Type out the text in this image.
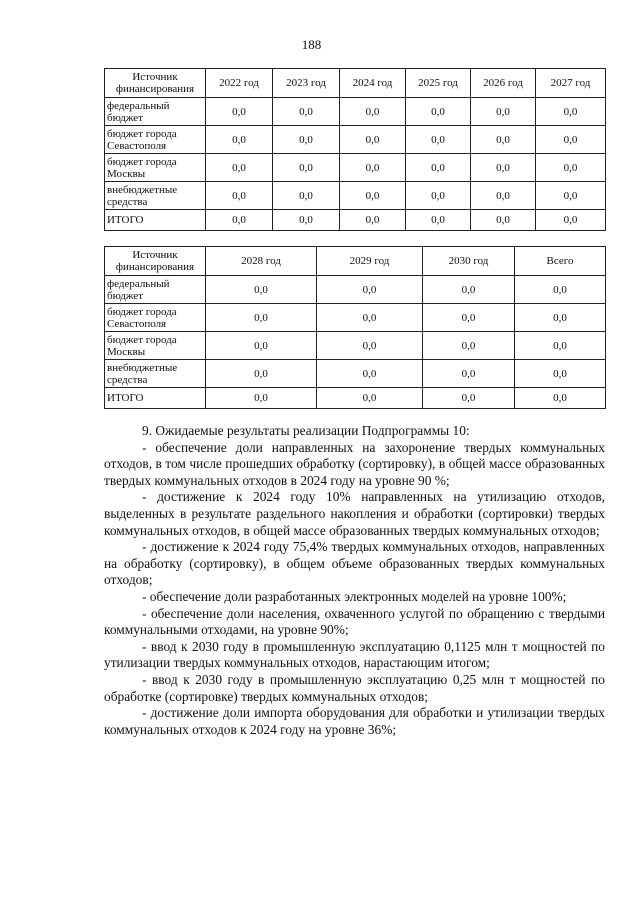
188
Источник
финансирования	2022 год	2023 год	2024 год	2025 год	2026 год	2027 год
федеральный
бюджет	0,0	0,0	0,0	0,0	0,0	0,0
бюджет города
Севастополя	0,0	0,0	0,0	0,0	0,0	0,0
бюджет города
Москвы	0,0	0,0	0,0	0,0	0,0	0,0
внебюджетные
средства	0,0	0,0	0,0	0,0	0,0	0,0
ИТОГО	0,0	0,0	0,0	0,0	0,0	0,0
Источник
финансирования	2028 год	2029 год	2030 год	Всего
федеральный
бюджет	0,0	0,0	0,0	0,0
бюджет города
Севастополя	0,0	0,0	0,0	0,0
бюджет города
Москвы	0,0	0,0	0,0	0,0
внебюджетные
средства	0,0	0,0	0,0	0,0
ИТОГО	0,0	0,0	0,0	0,0

9. Ожидаемые результаты реализации Подпрограммы 10:

- обеспечение доли направленных на захоронение твердых коммунальных отходов, в том числе прошедших обработку (сортировку), в общей массе образованных твердых коммунальных отходов в 2024 году на уровне 90 %;

- достижение к 2024 году 10% направленных на утилизацию отходов, выделенных в результате раздельного накопления и обработки (сортировки) твердых коммунальных отходов, в общей массе образованных твердых коммунальных отходов;

- достижение к 2024 году 75,4% твердых коммунальных отходов, направленных на обработку (сортировку), в общем объеме образованных твердых коммунальных отходов;

- обеспечение доли разработанных электронных моделей на уровне 100%;

- обеспечение доли населения, охваченного услугой по обращению с твердыми коммунальными отходами, на уровне 90%;

- ввод к 2030 году в промышленную эксплуатацию 0,1125 млн т мощностей по утилизации твердых коммунальных отходов, нарастающим итогом;

- ввод к 2030 году в промышленную эксплуатацию 0,25 млн т мощностей по обработке (сортировке) твердых коммунальных отходов;

- достижение доли импорта оборудования для обработки и утилизации твердых коммунальных отходов к 2024 году на уровне 36%;
